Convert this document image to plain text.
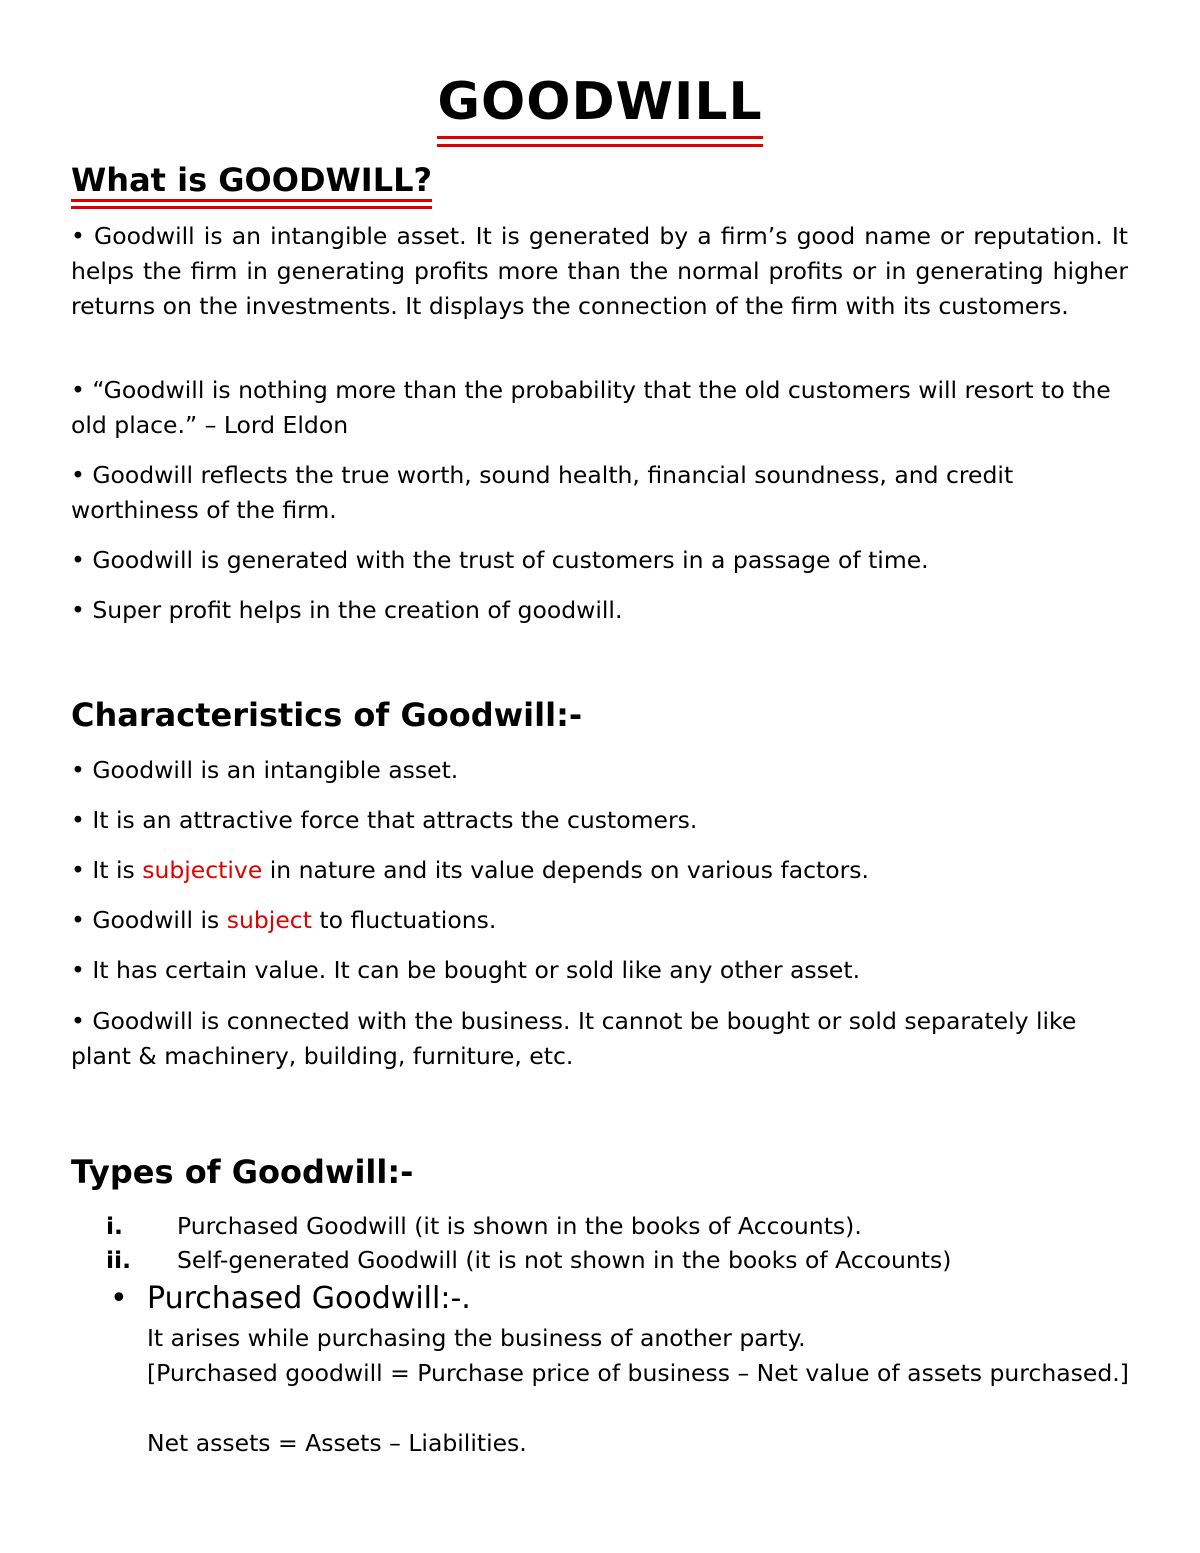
GOODWILL
What is GOODWILL?

• Goodwill is an intangible asset. It is generated by a firm’s good name or reputation. It helps the firm in generating profits more than the normal profits or in generating higher returns on the investments. It displays the connection of the firm with its customers.

• “Goodwill is nothing more than the probability that the old customers will resort to the old place.” – Lord Eldon

• Goodwill reflects the true worth, sound health, financial soundness, and credit worthiness of the firm.

• Goodwill is generated with the trust of customers in a passage of time.

• Super profit helps in the creation of goodwill.

Characteristics of Goodwill:-

• Goodwill is an intangible asset.

• It is an attractive force that attracts the customers.

• It is subjective in nature and its value depends on various factors.

• Goodwill is subject to fluctuations.

• It has certain value. It can be bought or sold like any other asset.

• Goodwill is connected with the business. It cannot be bought or sold separately like plant & machinery, building, furniture, etc.

Types of Goodwill:-
i. Purchased Goodwill (it is shown in the books of Accounts).
ii. Self-generated Goodwill (it is not shown in the books of Accounts)
• Purchased Goodwill:-.
It arises while purchasing the business of another party.
[Purchased goodwill = Purchase price of business – Net value of assets purchased.]
Net assets = Assets – Liabilities.
